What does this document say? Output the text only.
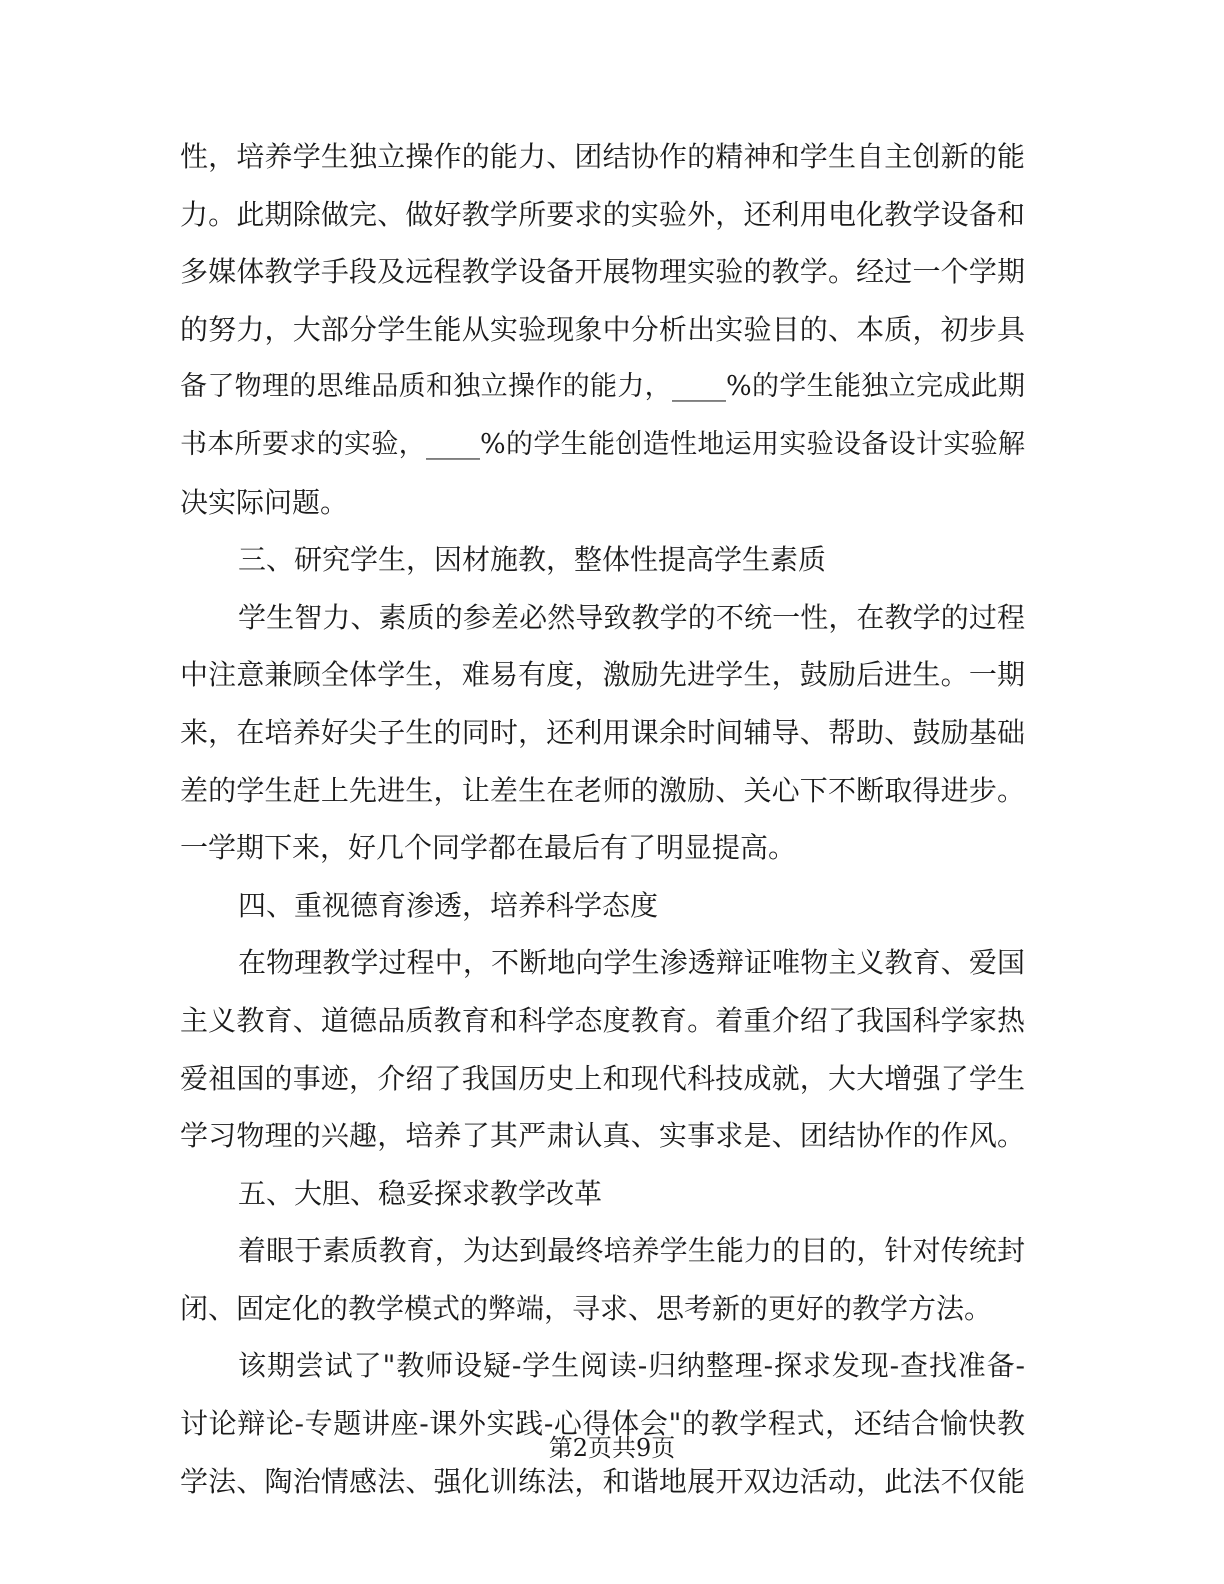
性，培养学生独立操作的能力、团结协作的精神和学生自主创新的能
力。此期除做完、做好教学所要求的实验外，还利用电化教学设备和
多媒体教学手段及远程教学设备开展物理实验的教学。经过一个学期
的努力，大部分学生能从实验现象中分析出实验目的、本质，初步具
备了物理的思维品质和独立操作的能力，____%的学生能独立完成此期
书本所要求的实验，____%的学生能创造性地运用实验设备设计实验解
决实际问题。
三、研究学生，因材施教，整体性提高学生素质
学生智力、素质的参差必然导致教学的不统一性，在教学的过程
中注意兼顾全体学生，难易有度，激励先进学生，鼓励后进生。一期
来，在培养好尖子生的同时，还利用课余时间辅导、帮助、鼓励基础
差的学生赶上先进生，让差生在老师的激励、关心下不断取得进步。
一学期下来，好几个同学都在最后有了明显提高。
四、重视德育渗透，培养科学态度
在物理教学过程中，不断地向学生渗透辩证唯物主义教育、爱国
主义教育、道德品质教育和科学态度教育。着重介绍了我国科学家热
爱祖国的事迹，介绍了我国历史上和现代科技成就，大大增强了学生
学习物理的兴趣，培养了其严肃认真、实事求是、团结协作的作风。
五、大胆、稳妥探求教学改革
着眼于素质教育，为达到最终培养学生能力的目的，针对传统封
闭、固定化的教学模式的弊端，寻求、思考新的更好的教学方法。
该期尝试了"教师设疑-学生阅读-归纳整理-探求发现-查找准备-
讨论辩论-专题讲座-课外实践-心得体会"的教学程式，还结合愉快教
学法、陶治情感法、强化训练法，和谐地展开双边活动，此法不仅能
第2页共9页
